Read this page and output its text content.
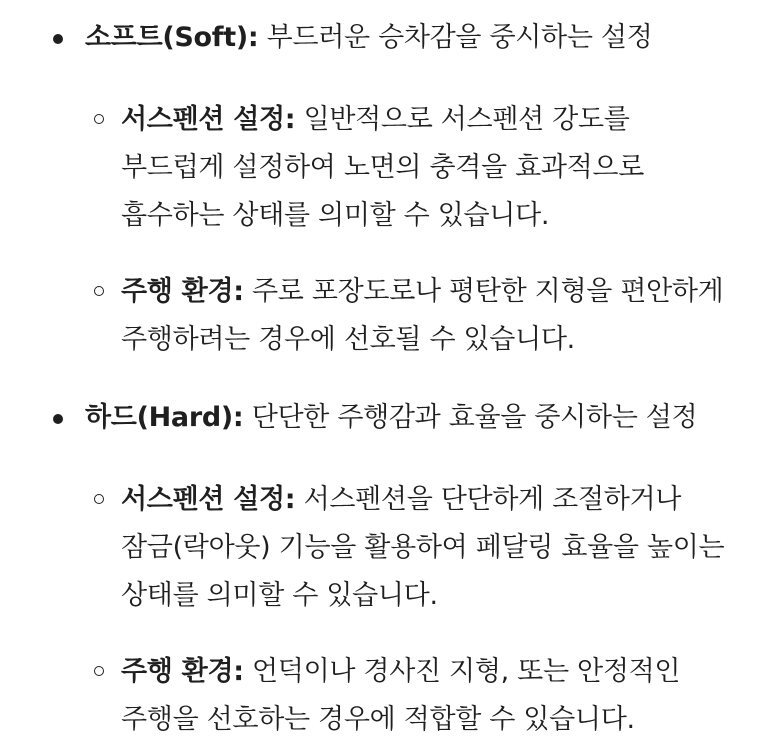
소프트(Soft): 부드러운 승차감을 중시하는 설정
서스펜션 설정: 일반적으로 서스펜션 강도를 부드럽게 설정하여 노면의 충격을 효과적으로 흡수하는 상태를 의미할 수 있습니다.
주행 환경: 주로 포장도로나 평탄한 지형을 편안하게 주행하려는 경우에 선호될 수 있습니다.
하드(Hard): 단단한 주행감과 효율을 중시하는 설정
서스펜션 설정: 서스펜션을 단단하게 조절하거나 잠금(락아웃) 기능을 활용하여 페달링 효율을 높이는 상태를 의미할 수 있습니다.
주행 환경: 언덕이나 경사진 지형, 또는 안정적인 주행을 선호하는 경우에 적합할 수 있습니다.
